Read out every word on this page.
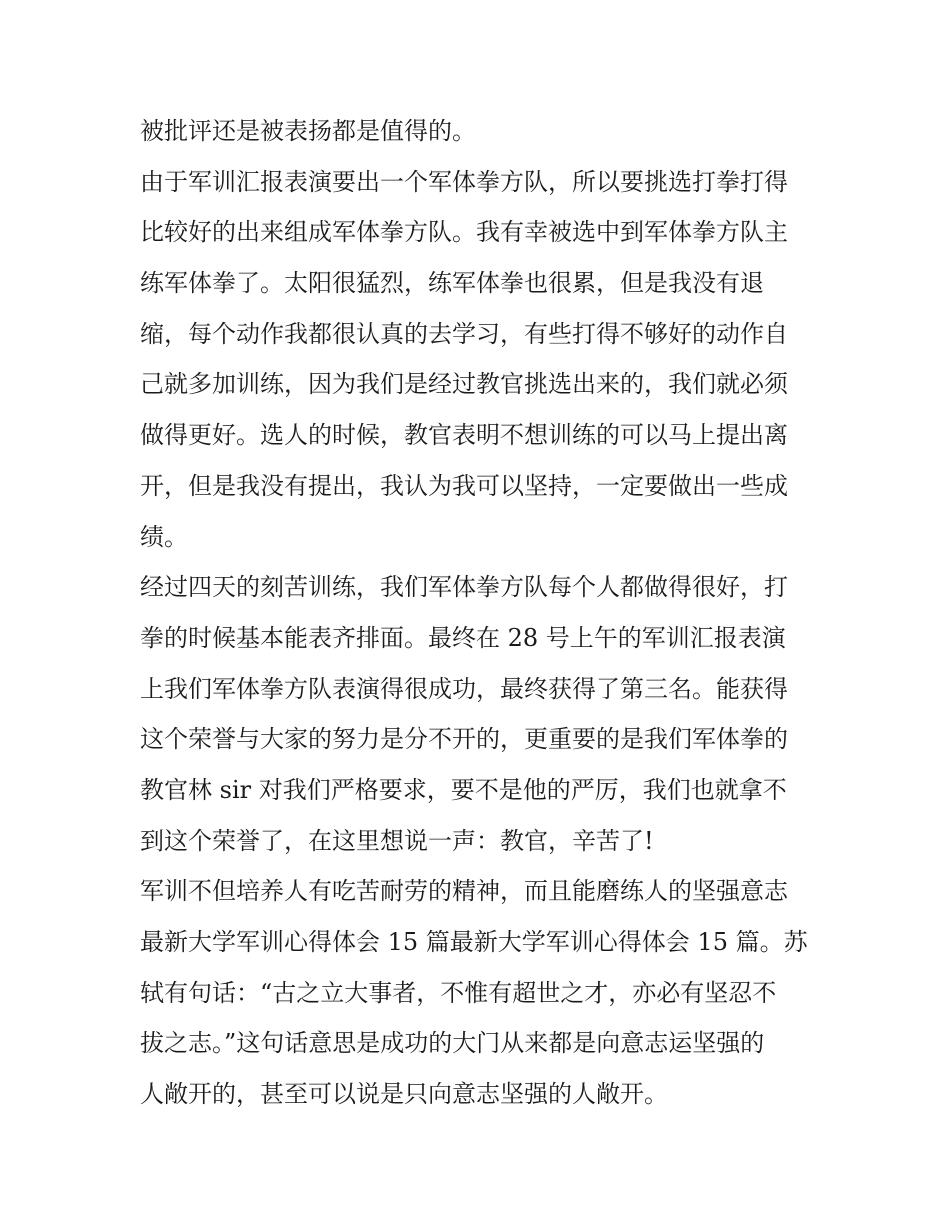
被批评还是被表扬都是值得的。
由于军训汇报表演要出一个军体拳方队，所以要挑选打拳打得
比较好的出来组成军体拳方队。我有幸被选中到军体拳方队主
练军体拳了。太阳很猛烈，练军体拳也很累，但是我没有退
缩，每个动作我都很认真的去学习，有些打得不够好的动作自
己就多加训练，因为我们是经过教官挑选出来的，我们就必须
做得更好。选人的时候，教官表明不想训练的可以马上提出离
开，但是我没有提出，我认为我可以坚持，一定要做出一些成
绩。
经过四天的刻苦训练，我们军体拳方队每个人都做得很好，打
拳的时候基本能表齐排面。最终在 28 号上午的军训汇报表演
上我们军体拳方队表演得很成功，最终获得了第三名。能获得
这个荣誉与大家的努力是分不开的，更重要的是我们军体拳的
教官林 sir 对我们严格要求，要不是他的严厉，我们也就拿不
到这个荣誉了，在这里想说一声：教官，辛苦了!
军训不但培养人有吃苦耐劳的精神，而且能磨练人的坚强意志
最新大学军训心得体会 15 篇最新大学军训心得体会 15 篇。苏
轼有句话：“古之立大事者，不惟有超世之才，亦必有坚忍不
拔之志。”这句话意思是成功的大门从来都是向意志运坚强的
人敞开的，甚至可以说是只向意志坚强的人敞开。
